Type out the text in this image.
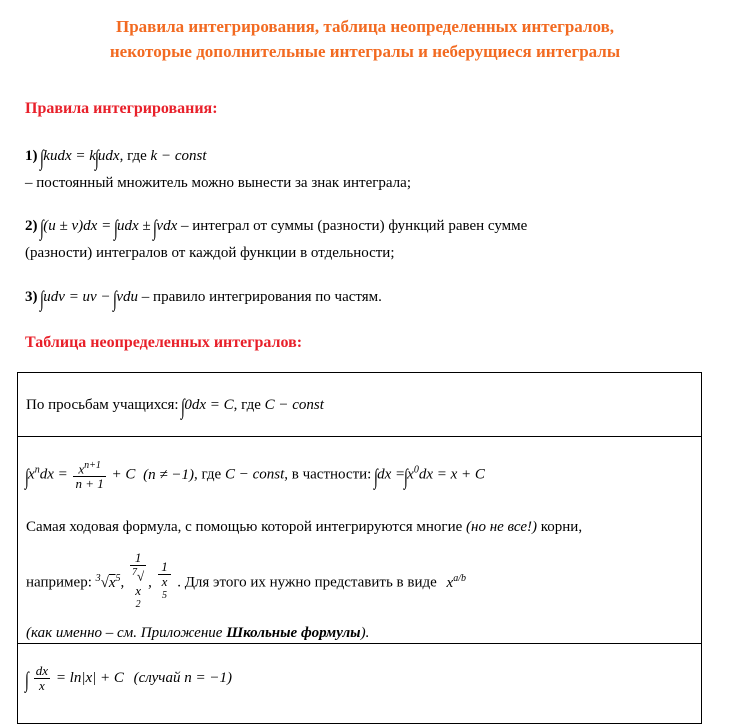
Правила интегрирования, таблица неопределенных интегралов,
некоторые дополнительные интегралы и неберущиеся интегралы
Правила интегрирования:
1) ∫kudx = k∫udx, где k − const
– постоянный множитель можно вынести за знак интеграла;
2) ∫(u ± v)dx = ∫udx ± ∫vdx – интеграл от суммы (разности) функций равен сумме
(разности) интегралов от каждой функции в отдельности;
3) ∫udv = uv − ∫vdu – правило интегрирования по частям.
Таблица неопределенных интегралов:
По просьбам учащихся: ∫0dx = C, где C − const

$\int x^ndx = \frac{x^{n+1}}{n + 1} + C$ (n ≠ −1), где C − const, в частности: $\int dx =\int x^0dx = x + C$
Самая ходовая формула, с помощью которой интегрируются многие (но не все!) корни,
например: $^3√x^5$, 1
$^7$√
x
$^2$ , 1
x
$^5$ . Для этого их нужно представить в виде $x^{a/b}$
(как именно – см. Приложение Школьные формулы).

∫ $\frac{dx}{x} = \ln|x| + C$ (случай n = −1)
